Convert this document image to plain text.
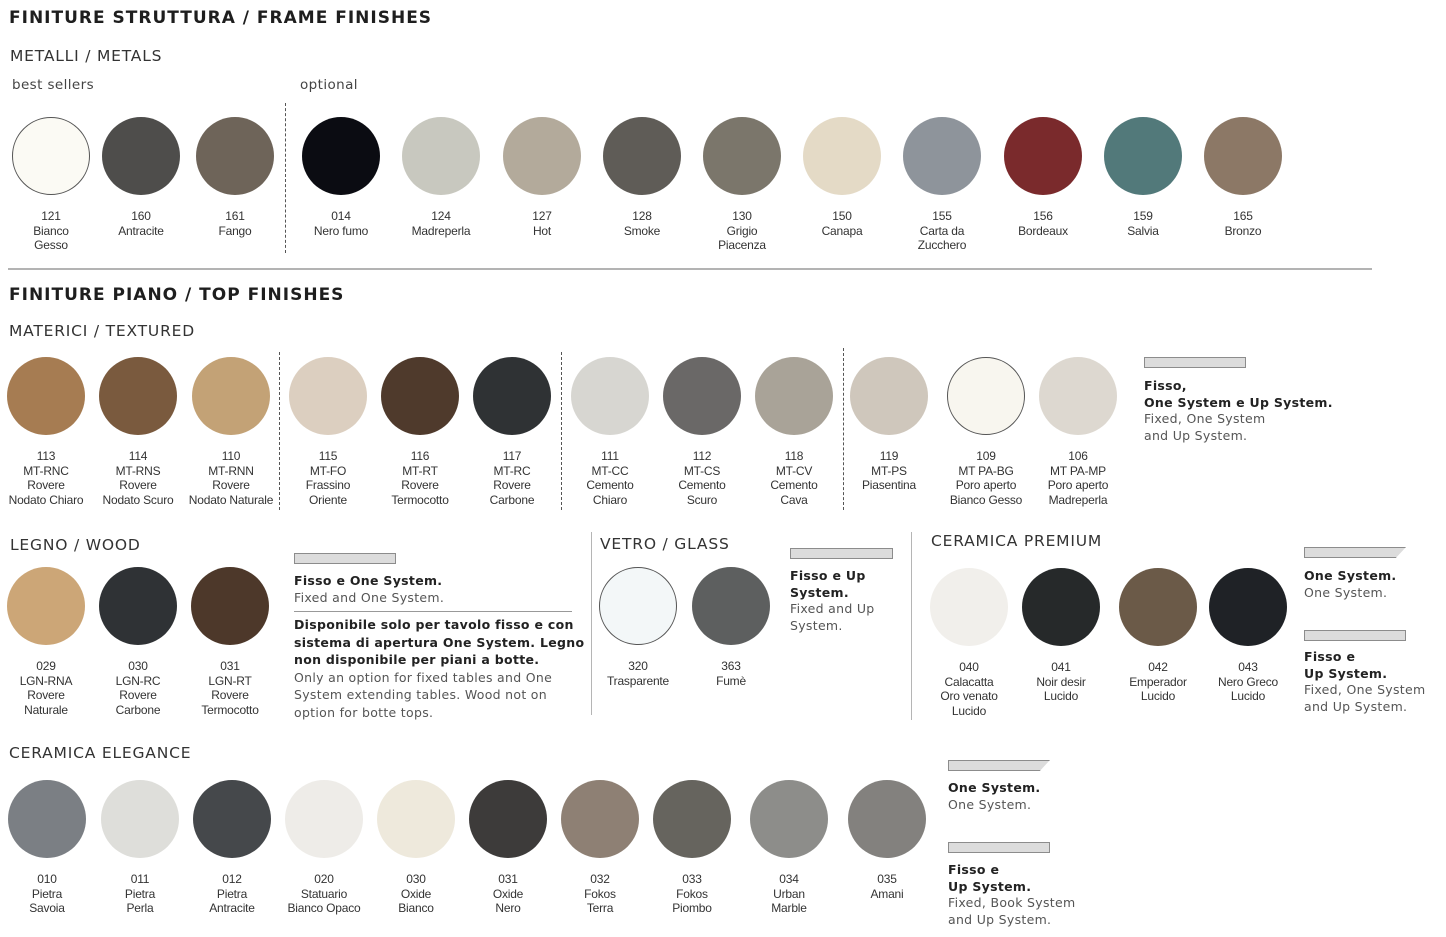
FINITURE STRUTTURA / FRAME FINISHES
METALLI / METALS
best sellers	optional
121
Bianco
Gesso
160
Antracite
161
Fango
014
Nero fumo
124
Madreperla
127
Hot
128
Smoke
130
Grigio
Piacenza
150
Canapa
155
Carta da
Zucchero
156
Bordeaux
159
Salvia
165
Bronzo
FINITURE PIANO / TOP FINISHES
MATERICI / TEXTURED
113
MT-RNC
Rovere
Nodato Chiaro
114
MT-RNS
Rovere
Nodato Scuro
110
MT-RNN
Rovere
Nodato Naturale
115
MT-FO
Frassino
Oriente
116
MT-RT
Rovere
Termocotto
117
MT-RC
Rovere
Carbone
111
MT-CC
Cemento
Chiaro
112
MT-CS
Cemento
Scuro
118
MT-CV
Cemento
Cava
119
MT-PS
Piasentina
109
MT PA-BG
Poro aperto
Bianco Gesso
106
MT PA-MP
Poro aperto
Madreperla
Fisso,
One System e Up System.
Fixed, One System
and Up System.
LEGNO / WOOD
029
LGN-RNA
Rovere
Naturale
030
LGN-RC
Rovere
Carbone
031
LGN-RT
Rovere
Termocotto
Fisso e One System.
Fixed and One System.
Disponibile solo per tavolo fisso e con
sistema di apertura One System. Legno
non disponibile per piani a botte.
Only an option for fixed tables and One
System extending tables. Wood not on
option for botte tops.
VETRO / GLASS
320
Trasparente
363
Fumè
Fisso e Up
System.
Fixed and Up
System.
CERAMICA PREMIUM
040
Calacatta
Oro venato
Lucido
041
Noir desir
Lucido
042
Emperador
Lucido
043
Nero Greco
Lucido
One System.
One System.
Fisso e
Up System.
Fixed, One System
and Up System.
CERAMICA ELEGANCE
010
Pietra
Savoia
011
Pietra
Perla
012
Pietra
Antracite
020
Statuario
Bianco Opaco
030
Oxide
Bianco
031
Oxide
Nero
032
Fokos
Terra
033
Fokos
Piombo
034
Urban
Marble
035
Amani
One System.
One System.
Fisso e
Up System.
Fixed, Book System
and Up System.
